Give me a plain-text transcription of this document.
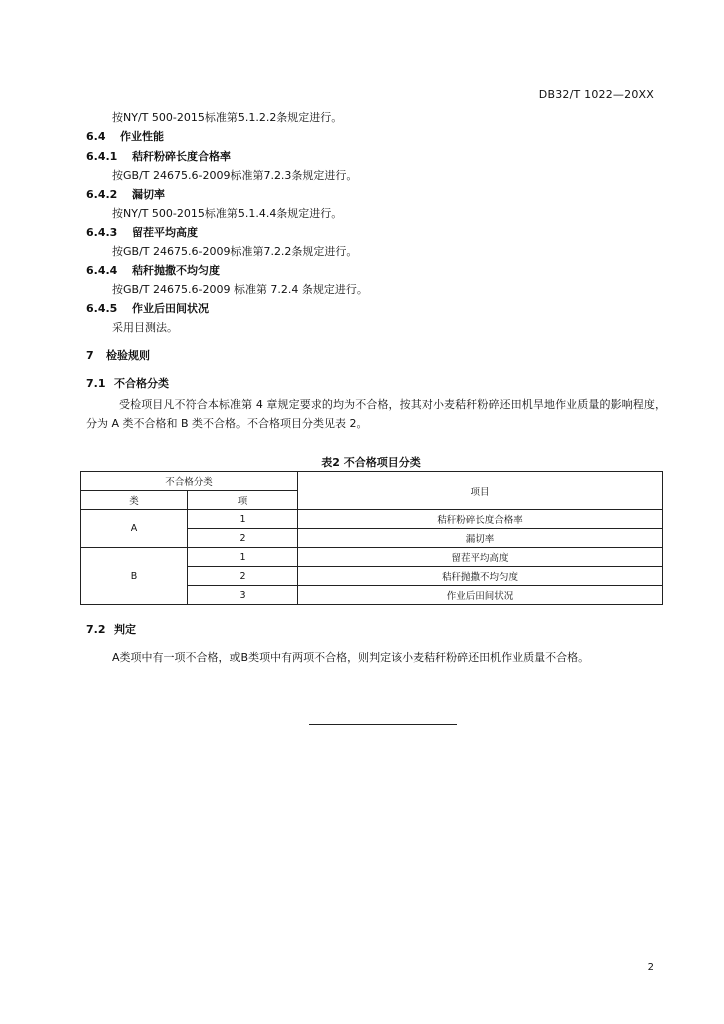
DB32/T 1022—20XX
按NY/T 500-2015标准第5.1.2.2条规定进行。
6.4 作业性能
6.4.1 秸秆粉碎长度合格率
按GB/T 24675.6-2009标准第7.2.3条规定进行。
6.4.2 漏切率
按NY/T 500-2015标准第5.1.4.4条规定进行。
6.4.3 留茬平均高度
按GB/T 24675.6-2009标准第7.2.2条规定进行。
6.4.4 秸秆抛撒不均匀度
按GB/T 24675.6-2009 标准第 7.2.4 条规定进行。
6.4.5 作业后田间状况
采用目测法。
7 检验规则
7.1 不合格分类
受检项目凡不符合本标准第 4 章规定要求的均为不合格，按其对小麦秸秆粉碎还田机旱地作业质量的影响程度，分为 A 类不合格和 B 类不合格。不合格项目分类见表 2。
表2 不合格项目分类
不合格分类		项目
类	项	
A	1	秸秆粉碎长度合格率
	2	漏切率
B	1	留茬平均高度
	2	秸秆抛撒不均匀度
	3	作业后田间状况
7.2 判定
A类项中有一项不合格，或B类项中有两项不合格，则判定该小麦秸秆粉碎还田机作业质量不合格。
2
